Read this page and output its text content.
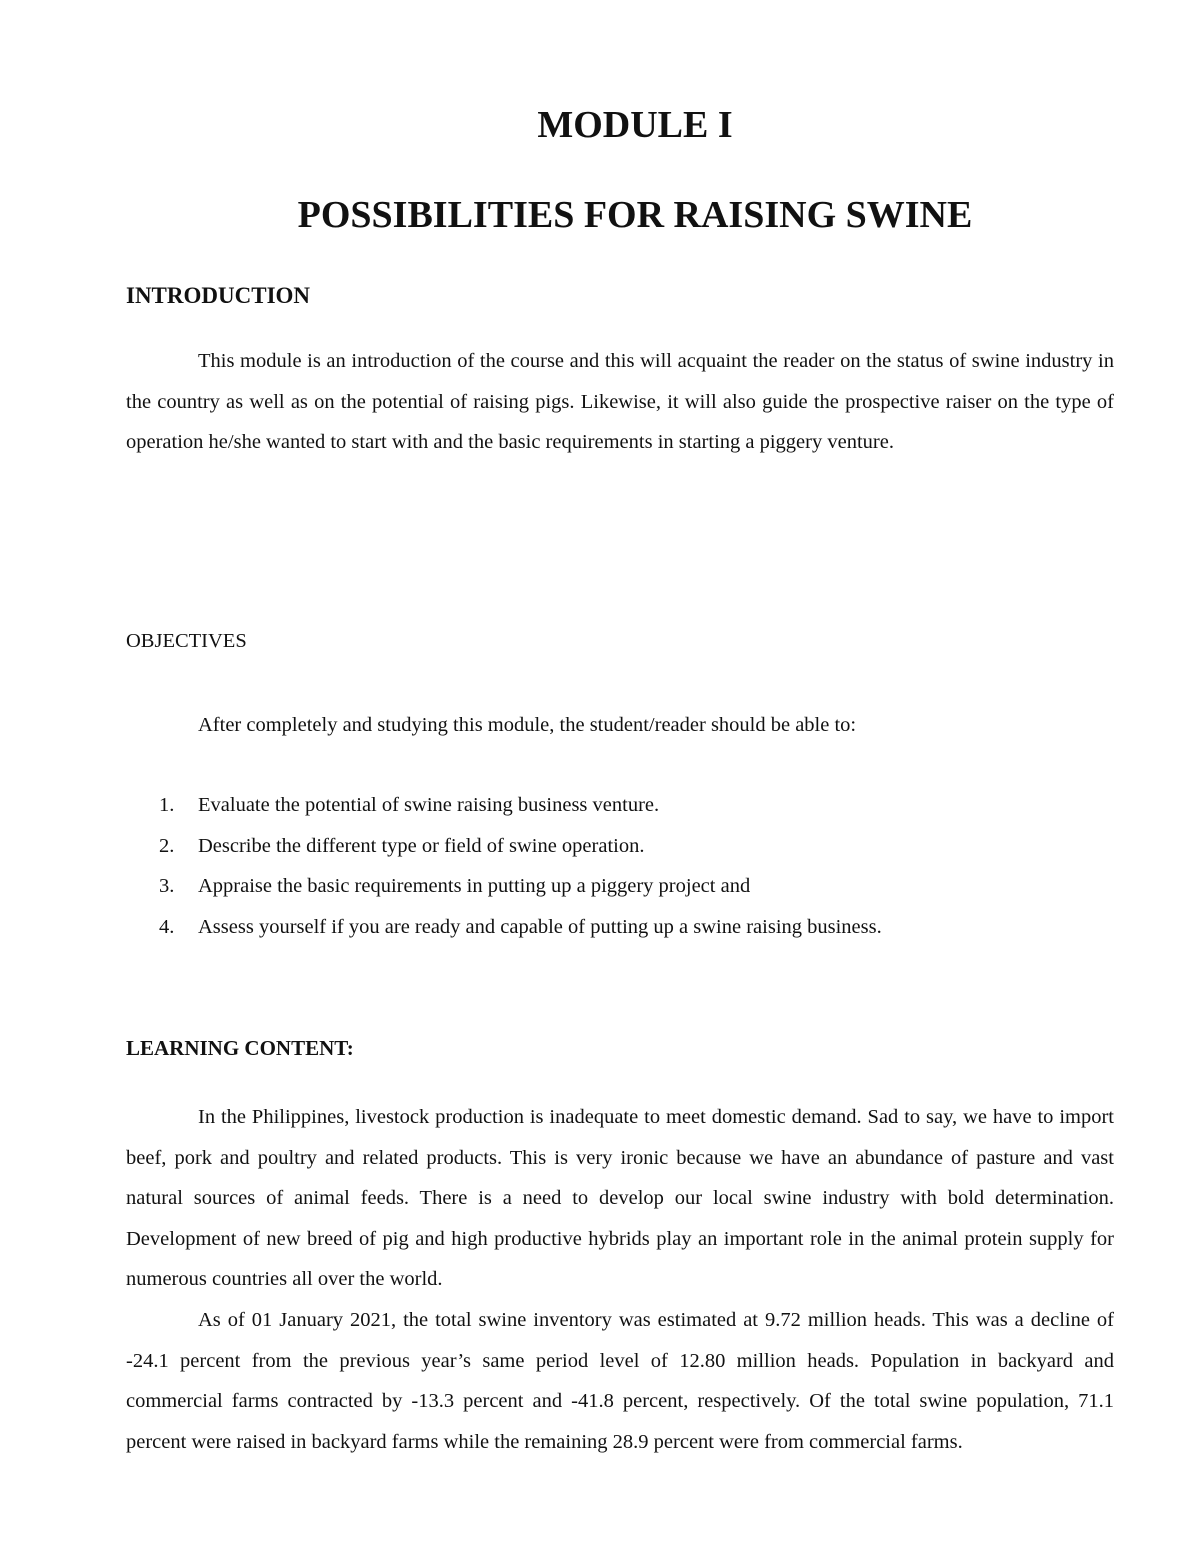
MODULE I
POSSIBILITIES FOR RAISING SWINE
INTRODUCTION

This module is an introduction of the course and this will acquaint the reader on the status of swine industry in the country as well as on the potential of raising pigs. Likewise, it will also guide the prospective raiser on the type of operation he/she wanted to start with and the basic requirements in starting a piggery venture.

OBJECTIVES

After completely and studying this module, the student/reader should be able to:

1. Evaluate the potential of swine raising business venture.
2. Describe the different type or field of swine operation.
3. Appraise the basic requirements in putting up a piggery project and
4. Assess yourself if you are ready and capable of putting up a swine raising business.
LEARNING CONTENT:

In the Philippines, livestock production is inadequate to meet domestic demand. Sad to say, we have to import beef, pork and poultry and related products. This is very ironic because we have an abundance of pasture and vast natural sources of animal feeds. There is a need to develop our local swine industry with bold determination. Development of new breed of pig and high productive hybrids play an important role in the animal protein supply for numerous countries all over the world.

As of 01 January 2021, the total swine inventory was estimated at 9.72 million heads. This was a decline of -24.1 percent from the previous year’s same period level of 12.80 million heads. Population in backyard and commercial farms contracted by -13.3 percent and -41.8 percent, respectively. Of the total swine population, 71.1 percent were raised in backyard farms while the remaining 28.9 percent were from commercial farms.
